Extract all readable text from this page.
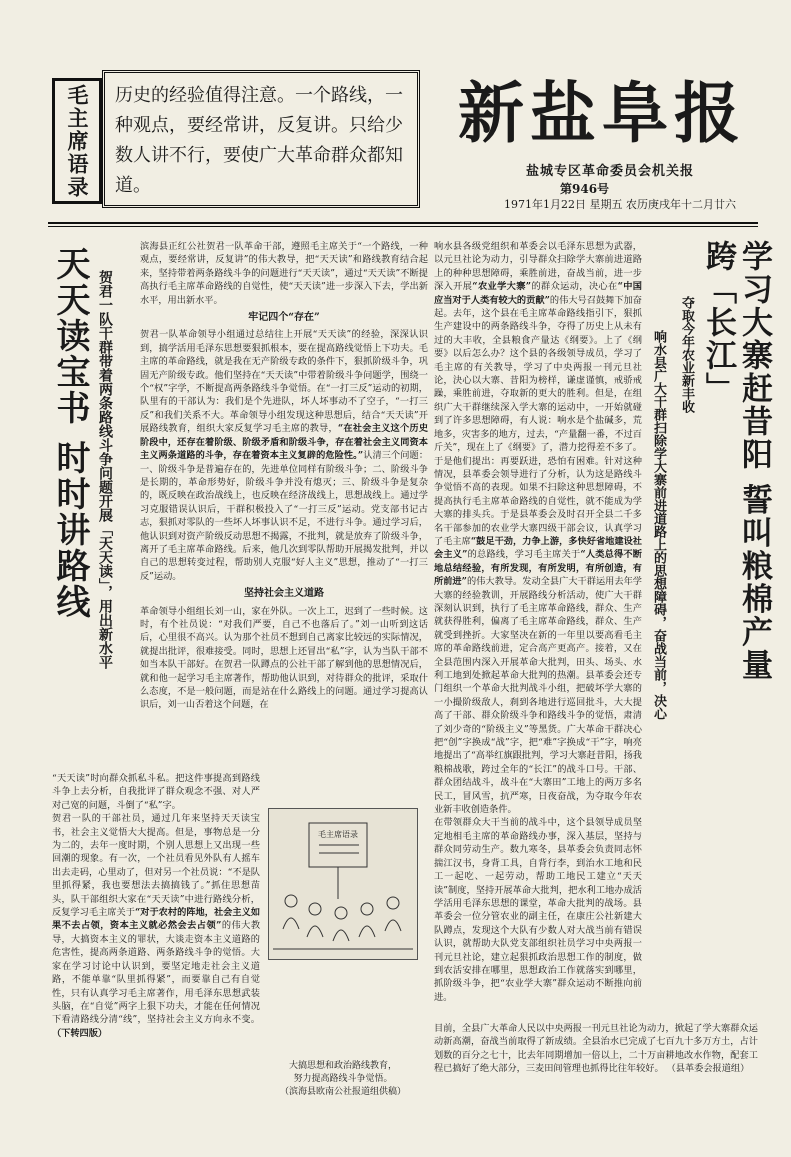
毛主席语录	历史的经验值得注意。一个路线，一种观点，要经常讲，反复讲。只给少数人讲不行，要使广大革命群众都知道。
新盐阜报
盐城专区革命委员会机关报
第946号
1971年1月22日 星期五 农历庚戌年十二月廿六
天天读宝书 时时讲路线 贺君一队干群带着两条路线斗争问题开展「天天读」，用出新水平
滨海县正红公社贺君一队革命干部，遵照毛主席关于“一个路线，一种观点，要经常讲，反复讲”的伟大教导，把“天天读”和路线教育结合起来，坚持带着两条路线斗争的问题进行“天天读”，通过“天天读”不断提高执行毛主席革命路线的自觉性，使“天天读”进一步深入下去，学出新水平，用出新水平。
牢记四个“存在”
贺君一队革命领导小组通过总结往上开展“天天读”的经验，深深认识到，搞学活用毛泽东思想要狠抓根本，要在提高路线觉悟上下功夫。毛主席的革命路线，就是我在无产阶级专政的条件下，狠抓阶级斗争，巩固无产阶级专政。他们坚持在“天天读”中带着阶级斗争问题学，围绕一个“权”字学，不断提高两条路线斗争觉悟。在“一打三反”运动的初期，队里有的干部认为：我们是个先进队，坏人坏事动不了空子，“一打三反”和我们关系不大。革命领导小组发现这种思想后，结合“天天读”开展路线教育，组织大家反复学习毛主席的教导，“在社会主义这个历史阶段中，还存在着阶级、阶级矛盾和阶级斗争，存在着社会主义同资本主义两条道路的斗争，存在着资本主义复辟的危险性。”认清三个问题：一、阶级斗争是普遍存在的，先进单位同样有阶级斗争；二、阶级斗争是长期的，革命形势好，阶级斗争并没有熄灭；三、阶级斗争是复杂的，既反映在政治战线上，也反映在经济战线上，思想战线上。通过学习克服错误认识后，干群积极投入了“一打三反”运动。党支部书记古志，狠抓对零队的一些坏人坏事认识不足，不进行斗争。通过学习后，他认识到对资产阶级反动思想不揭露，不批判，就是放弃了阶级斗争，离开了毛主席革命路线。后来，他几次到零队帮助开展揭发批判，并以自己的思想转变过程，帮助别人克服“好人主义”思想，推动了“一打三反”运动。
坚持社会主义道路
革命领导小组组长刘一山，家在外队。一次上工，迟到了一些时候。这时，有个社员说：“对我们严要，自己不也落后了。”刘一山听到这话后，心里很不高兴。认为那个社员不想到自己离家比较远的实际情况，就提出批评，很难接受。同时，思想上还冒出“私”字，认为当队干部不如当本队干部好。在贺君一队蹲点的公社干部了解到他的思想情况后，就和他一起学习毛主席著作，帮助他认识到，对待群众的批评，采取什么态度，不是一般问题，而是站在什么路线上的问题。通过学习提高认识后，刘一山否着这个问题，在
“天天读”时向群众抓私斗私。把这件事提高到路线斗争上去分析，自我批评了群众观念不强、对人严对己宽的问题，斗倒了“私”字。
贺君一队的干部社员，通过几年来坚持天天读宝书，社会主义觉悟大大提高。但是，事物总是一分为二的，去年一度时期，个别人思想上又出现一些回潮的现象。有一次，一个社员看见外队有人摇车出去走码，心里动了，但对另一个社员说：“不是队里抓得紧，我也要想法去搞搞钱了。”抓住思想苗头，队干部组织大家在“天天读”中进行路线分析，反复学习毛主席关于“对于农村的阵地，社会主义如果不去占领，资本主义就必然会去占领”的伟大教导，大搞资本主义的罪状，大谈走资本主义道路的危害性，提高两条道路、两条路线斗争的觉悟。大家在学习讨论中认识到，要坚定地走社会主义道路，不能单靠“队里抓得紧”，而要靠自己有自觉性，只有认真学习毛主席著作，用毛泽东思想武装头脑，在“自觉”两字上狠下功夫，才能在任何情况下看清路线分清“线”，坚持社会主义方向永不变。 （下转四版）
毛主席语录
大搞思想和政治路线教育，
努力提高路线斗争觉悟。
（滨海县欧南公社报道组供稿）
响水县各级党组织和革委会以毛泽东思想为武器，以元旦社论为动力，引导群众扫除学大寨前进道路上的种种思想障碍，乘胜前进，奋战当前，进一步深入开展“农业学大寨”的群众运动，决心在“中国应当对于人类有较大的贡献”的伟大号召鼓舞下加奋起。去年，这个县在毛主席革命路线指引下，狠抓生产建设中的两条路线斗争，夺得了历史上从未有过的大丰收，全县粮食产量达《纲要》。上了《纲要》以后怎么办？这个县的各级领导成员，学习了毛主席的有关教导，学习了中央两报一刊元旦社论，決心以大寨、昔阳为榜样，谦虚谨慎，戒骄戒躁，乘胜前进，夺取新的更大的胜利。但是，在组织广大干群继续深入学大寨的运动中，一开始就碰到了许多思想障碍，有人说：响水是个盐碱多，荒地多，灾害多的地方，过去，“产量翻一番，不过百斤关”，现在上了《纲要》了，潜力挖得差不多了。于是他们提出：再要跃进，恐怕有困难。针对这种情况，县革委会领导进行了分析，认为这是路线斗争觉悟不高的表现。如果不扫除这种思想障碍，不提高执行毛主席革命路线的自觉性，就不能成为学大寨的排头兵。于是县革委会及时召开全县二千多名干部参加的农业学大寨四级干部会议，认真学习了毛主席“鼓足干劲，力争上游，多快好省地建设社会主义”的总路线，学习毛主席关于“人类总得不断地总结经验，有所发现，有所发明，有所创造，有所前进”的伟大教导。发动全县广大干群运用去年学大寨的经验教训，开展路线分析活动，使广大干群深刻认识到，执行了毛主席革命路线，群众、生产就获得胜利，偏离了毛主席革命路线，群众、生产就受到挫折。大家坚决在新的一年里以要高看毛主席的革命路线前进，定合高产更高产。接着，又在全县范围内深入开展革命大批判，田头、场头、水利工地到处掀起革命大批判的热潮。县革委会还专门组织一个革命大批判战斗小组，把破坏学大寨的一小撮阶级敌人，刹到各地进行巡回批斗，大大提高了干部、群众阶级斗争和路线斗争的觉悟，肃清了刘少奇的“阶级主义”等黑货。广大革命干群决心把“创”字换成“战”字，把“难”字换成“干”字，响亮地提出了“高举红旗跟批判，学习大寨赶昔阳，扬我粮棉战歌，跨过全年的“长江”的战斗口号。干部、群众团结战斗，战斗在“大寨田”工地上的两万多名民工，冒风雪，抗严寒，日夜奋战，为夺取今年农业新丰收创造条件。
在带领群众大干当前的战斗中，这个县领导成员坚定地相毛主席的革命路线办事，深入基层，坚持与群众同劳动生产。数九寒冬，县革委会负责同志怀揣江汉书，身背工具，自背行李，到治水工地和民工一起吃、一起劳动，帮助工地民工建立“天天读”制度，坚持开展革命大批判，把水利工地办成活学活用毛泽东思想的课堂，革命大批判的战场。县革委会一位分管农业的副主任，在康庄公社新建大队蹲点，发现这个大队有少数人对大战当前有错误认识，就帮助大队党支部组织社员学习中央两报一刊元旦社论，建立起狠抓政治思想工作的制度，做到农活安排在哪里，思想政治工作就落实到哪里，抓阶级斗争，把“农业学大寨”群众运动不断推向前进。
学习大寨赶昔阳 誓叫粮棉产量跨「长江」
夺取今年农业新丰收
响水县广大干群扫除学大寨前进道路上的思想障碍，奋战当前，决心
目前，全县广大革命人民以中央两报一刊元旦社论为动力，掀起了学大寨群众运动新高潮，奋战当前取得了新成绩。全县治水已完成了七百九十多万方土，占计划数的百分之七十，比去年同期增加一倍以上，二十万亩耕地改水作物，配套工程已搞好了绝大部分，三麦田间管理也抓得比往年较好。 （县革委会报道组）
